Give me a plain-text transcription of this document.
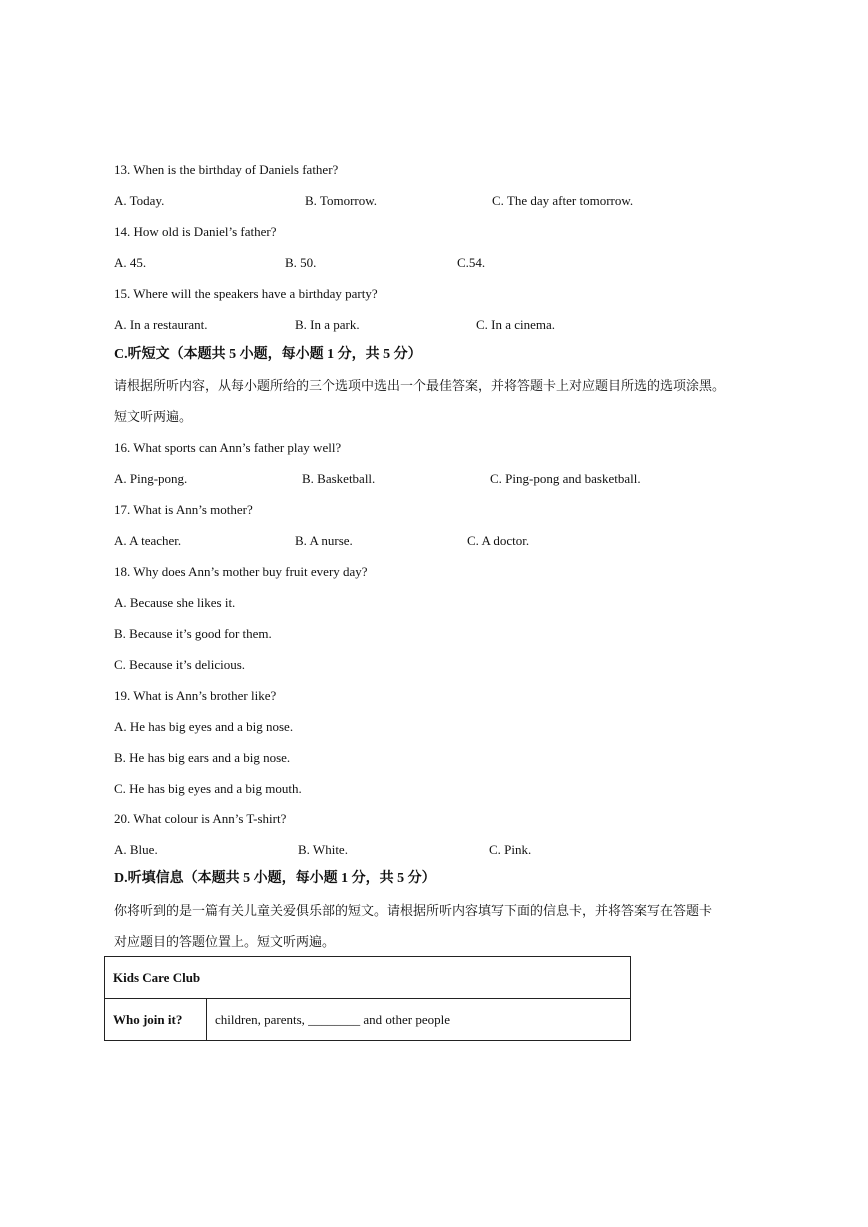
13. When is the birthday of Daniels father?
A. Today.	B. Tomorrow.	C. The day after tomorrow.
14. How old is Daniel’s father?
A. 45.	B. 50.	C.54.
15. Where will the speakers have a birthday party?
A. In a restaurant.	B. In a park.	C. In a cinema.
C.听短文（本题共 5 小题，每小题 1 分，共 5 分）
请根据所听内容，从每小题所给的三个选项中选出一个最佳答案，并将答题卡上对应题目所选的选项涂黑。
短文听两遍。
16. What sports can Ann’s father play well?
A. Ping-pong.	B. Basketball.	C. Ping-pong and basketball.
17. What is Ann’s mother?
A. A teacher.	B. A nurse.	C. A doctor.
18. Why does Ann’s mother buy fruit every day?
A. Because she likes it.
B. Because it’s good for them.
C. Because it’s delicious.
19. What is Ann’s brother like?
A. He has big eyes and a big nose.
B. He has big ears and a big nose.
C. He has big eyes and a big mouth.
20. What colour is Ann’s T-shirt?
A. Blue.	B. White.	C. Pink.
D.听填信息（本题共 5 小题，每小题 1 分，共 5 分）
你将听到的是一篇有关儿童关爱俱乐部的短文。请根据所听内容填写下面的信息卡，并将答案写在答题卡
对应题目的答题位置上。短文听两遍。
Kids Care Club
Who join it?	children, parents, ________ and other people
